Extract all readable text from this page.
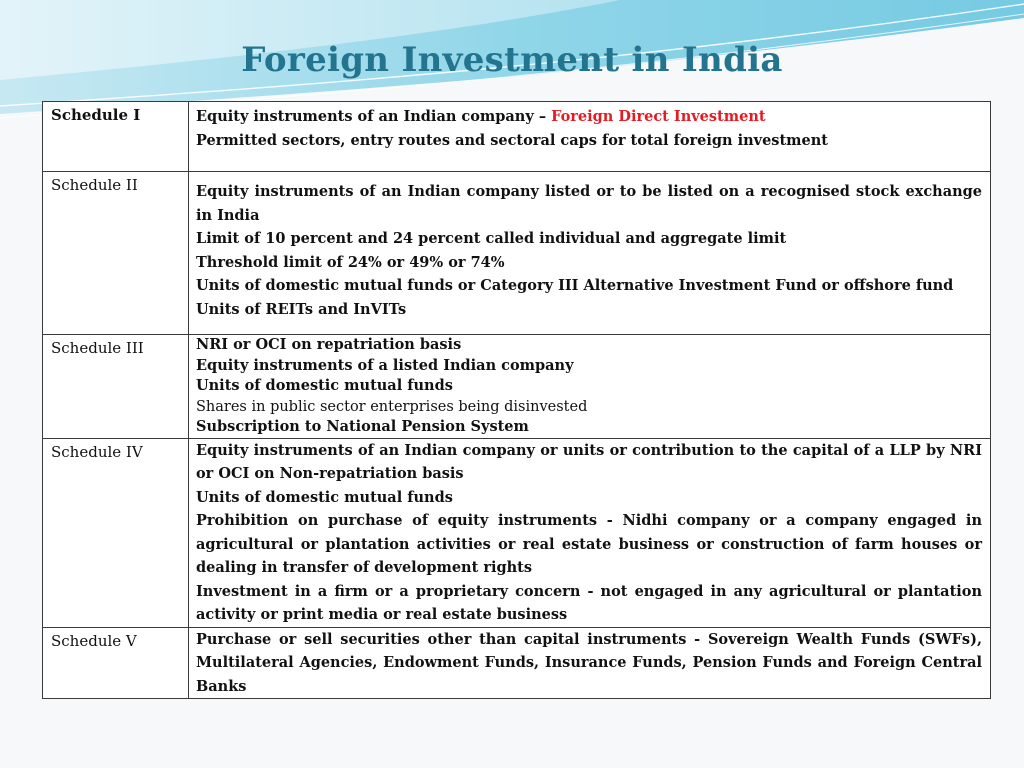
Foreign Investment in India
Schedule I	Equity instruments of an Indian company – Foreign Direct Investment
Permitted sectors, entry routes and sectoral caps for total foreign investment

Schedule II	Equity instruments of an Indian company listed or to be listed on a recognised stock exchange in India
Limit of 10 percent and 24 percent called individual and aggregate limit
Threshold limit of 24% or 49% or 74%
Units of domestic mutual funds or Category III Alternative Investment Fund or offshore fund
Units of REITs and InVITs

Schedule III	NRI or OCI on repatriation basis
Equity instruments of a listed Indian company
Units of domestic mutual funds
Shares in public sector enterprises being disinvested
Subscription to National Pension System

Schedule IV	Equity instruments of an Indian company or units or contribution to the capital of a LLP by NRI or OCI on Non-repatriation basis
Units of domestic mutual funds
Prohibition on purchase of equity instruments - Nidhi company or a company engaged in agricultural or plantation activities or real estate business or construction of farm houses or dealing in transfer of development rights
Investment in a firm or a proprietary concern - not engaged in any agricultural or plantation activity or print media or real estate business

Schedule V	Purchase or sell securities other than capital instruments - Sovereign Wealth Funds (SWFs), Multilateral Agencies, Endowment Funds, Insurance Funds, Pension Funds and Foreign Central Banks
